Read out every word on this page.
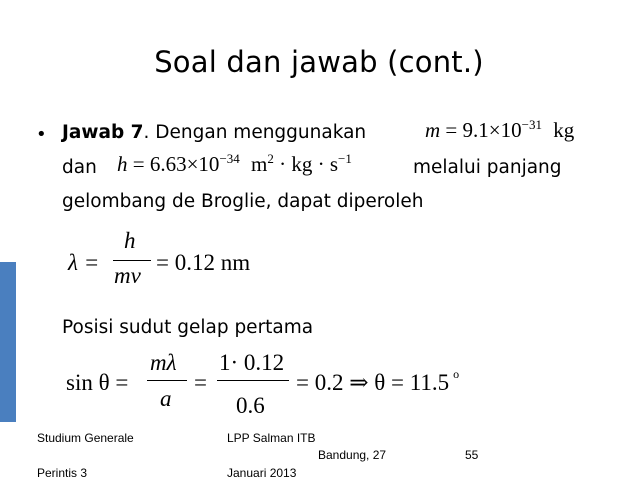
Soal dan jawab (cont.)
• Jawab 7. Dengan menggunakan	$m = 9.1\times 10^{-31}$ kg
dan $h = 6.63\times 10^{-34}$ $m^2$ · kg · $s^{-1}$	melalui panjang
gelombang de Broglie, dapat diperoleh
λ =
h
mv
= 0.12 nm
Posisi sudut gelap pertama
sin θ =
mλ
a
=
1· 0.12
0.6
= 0.2 ⇒ θ = 11.5 $^o$
Studium Generale
Perintis 3
LPP Salman ITB
Bandung, 27
Januari 2013
55
